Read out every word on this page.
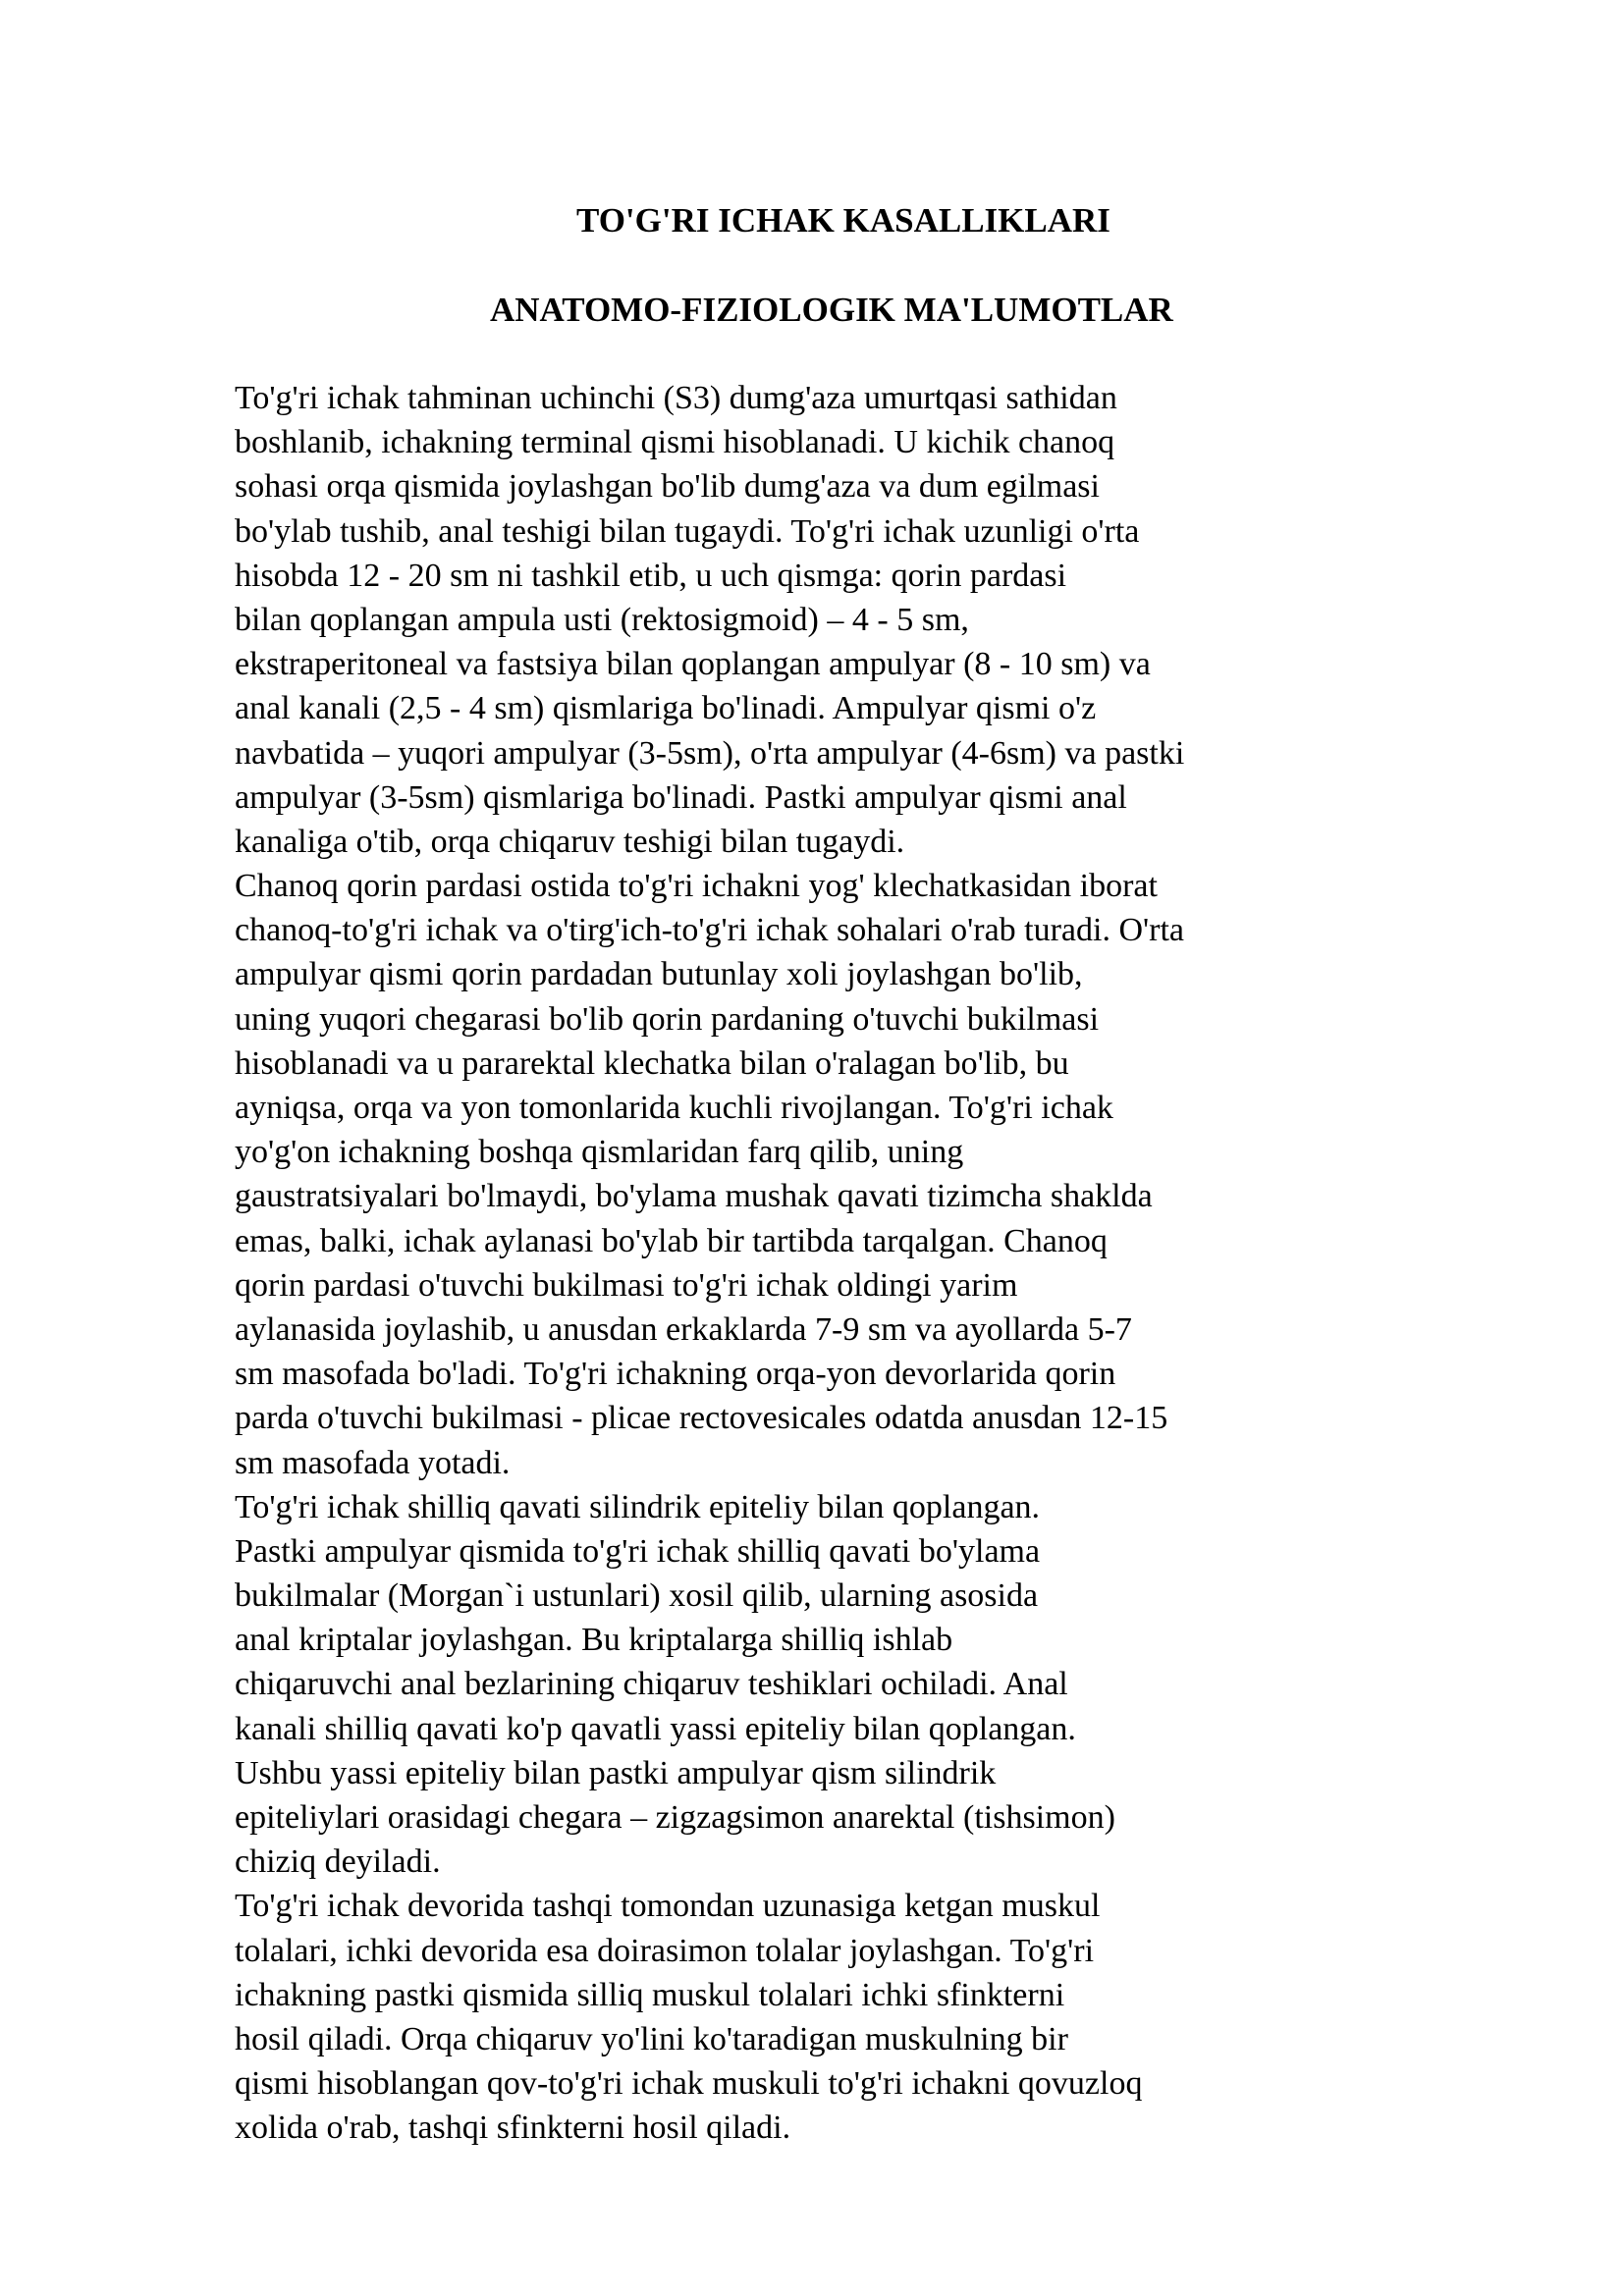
TO'G'RI ICHAK KASALLIKLARI
ANATOMO-FIZIOLOGIK MA'LUMOTLAR
To'g'ri ichak tahminan uchinchi (S3) dumg'aza umurtqasi sathidan
boshlanib, ichakning terminal qismi hisoblanadi. U kichik chanoq
sohasi orqa qismida joylashgan bo'lib dumg'aza va dum egilmasi
bo'ylab tushib, anal teshigi bilan tugaydi. To'g'ri ichak uzunligi o'rta
hisobda 12 - 20 sm ni tashkil etib, u uch qismga: qorin pardasi
bilan qoplangan ampula usti (rektosigmoid) – 4 - 5 sm,
ekstraperitoneal va fastsiya bilan qoplangan ampulyar (8 - 10 sm) va
anal kanali (2,5 - 4 sm) qismlariga bo'linadi. Ampulyar qismi o'z
navbatida – yuqori ampulyar (3-5sm), o'rta ampulyar (4-6sm) va pastki
ampulyar (3-5sm) qismlariga bo'linadi. Pastki ampulyar qismi anal
kanaliga o'tib, orqa chiqaruv teshigi bilan tugaydi.
Chanoq qorin pardasi ostida to'g'ri ichakni yog' klechatkasidan iborat
chanoq-to'g'ri ichak va o'tirg'ich-to'g'ri ichak sohalari o'rab turadi. O'rta
ampulyar qismi qorin pardadan butunlay xoli joylashgan bo'lib,
uning yuqori chegarasi bo'lib qorin pardaning o'tuvchi bukilmasi
hisoblanadi va u pararektal klechatka bilan o'ralagan bo'lib, bu
ayniqsa, orqa va yon tomonlarida kuchli rivojlangan. To'g'ri ichak
yo'g'on ichakning boshqa qismlaridan farq qilib, uning
gaustratsiyalari bo'lmaydi, bo'ylama mushak qavati tizimcha shaklda
emas, balki, ichak aylanasi bo'ylab bir tartibda tarqalgan. Chanoq
qorin pardasi o'tuvchi bukilmasi to'g'ri ichak oldingi yarim
aylanasida joylashib, u anusdan erkaklarda 7-9 sm va ayollarda 5-7
sm masofada bo'ladi. To'g'ri ichakning orqa-yon devorlarida qorin
parda o'tuvchi bukilmasi - plicae rectovesicales odatda anusdan 12-15
sm masofada yotadi.
To'g'ri ichak shilliq qavati silindrik epiteliy bilan qoplangan.
Pastki ampulyar qismida to'g'ri ichak shilliq qavati bo'ylama
bukilmalar (Morgan`i ustunlari) xosil qilib, ularning asosida
anal kriptalar joylashgan. Bu kriptalarga shilliq ishlab
chiqaruvchi anal bezlarining chiqaruv teshiklari ochiladi. Anal
kanali shilliq qavati ko'p qavatli yassi epiteliy bilan qoplangan.
Ushbu yassi epiteliy bilan pastki ampulyar qism silindrik
epiteliylari orasidagi chegara – zigzagsimon anarektal (tishsimon)
chiziq deyiladi.
To'g'ri ichak devorida tashqi tomondan uzunasiga ketgan muskul
tolalari, ichki devorida esa doirasimon tolalar joylashgan. To'g'ri
ichakning pastki qismida silliq muskul tolalari ichki sfinkterni
hosil qiladi. Orqa chiqaruv yo'lini ko'taradigan muskulning bir
qismi hisoblangan qov-to'g'ri ichak muskuli to'g'ri ichakni qovuzloq
xolida o'rab, tashqi sfinkterni hosil qiladi.
